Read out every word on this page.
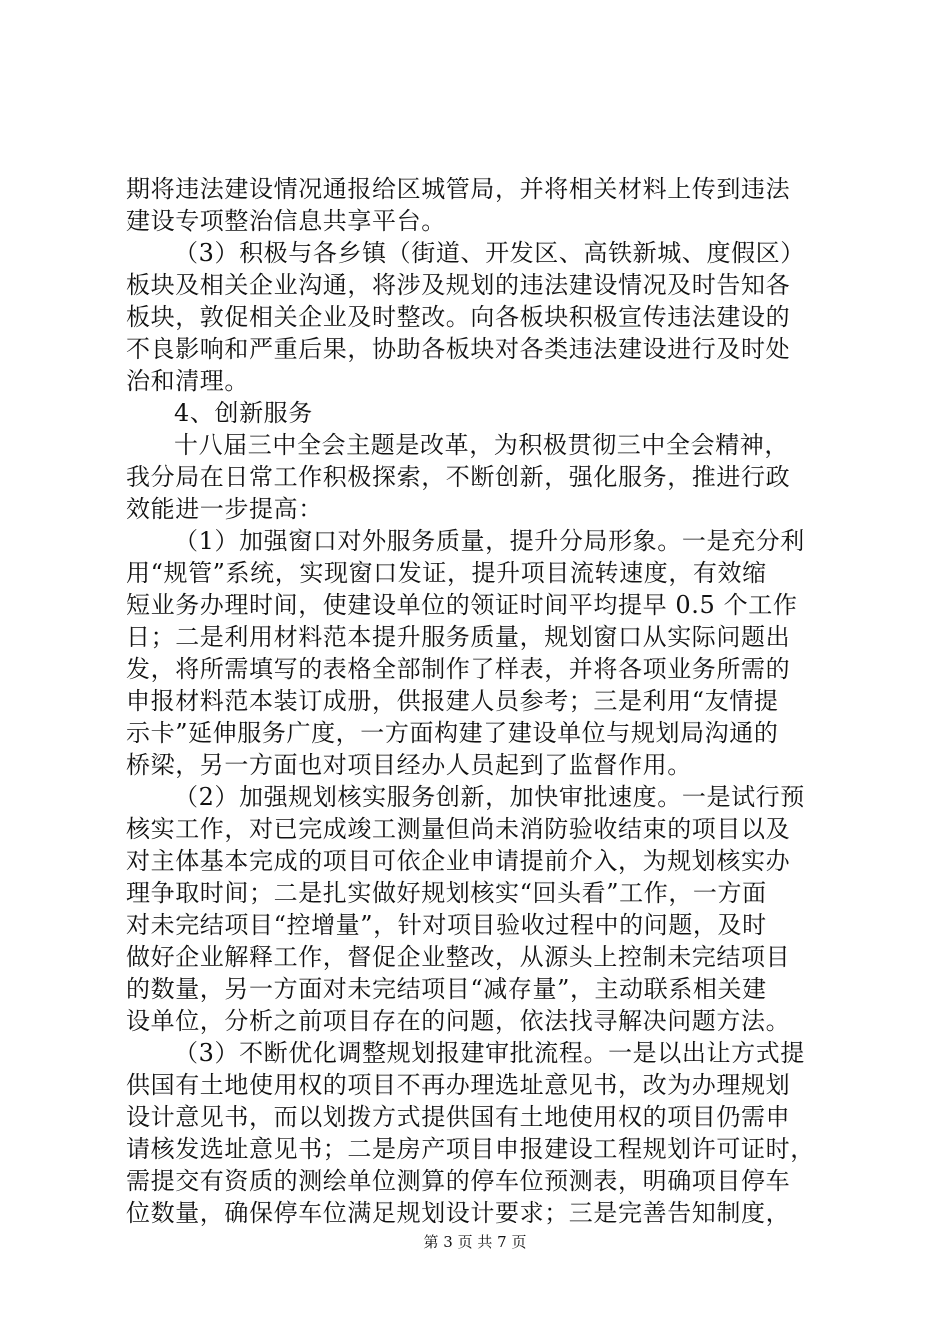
期将违法建设情况通报给区城管局，并将相关材料上传到违法
建设专项整治信息共享平台。
（3）积极与各乡镇（街道、开发区、高铁新城、度假区）
板块及相关企业沟通，将涉及规划的违法建设情况及时告知各
板块，敦促相关企业及时整改。向各板块积极宣传违法建设的
不良影响和严重后果，协助各板块对各类违法建设进行及时处
治和清理。
4、创新服务
十八届三中全会主题是改革，为积极贯彻三中全会精神，
我分局在日常工作积极探索，不断创新，强化服务，推进行政
效能进一步提高：
（1）加强窗口对外服务质量，提升分局形象。一是充分利
用“规管”系统，实现窗口发证，提升项目流转速度，有效缩
短业务办理时间，使建设单位的领证时间平均提早 0.5 个工作
日；二是利用材料范本提升服务质量，规划窗口从实际问题出
发，将所需填写的表格全部制作了样表，并将各项业务所需的
申报材料范本装订成册，供报建人员参考；三是利用“友情提
示卡”延伸服务广度，一方面构建了建设单位与规划局沟通的
桥梁，另一方面也对项目经办人员起到了监督作用。
（2）加强规划核实服务创新，加快审批速度。一是试行预
核实工作，对已完成竣工测量但尚未消防验收结束的项目以及
对主体基本完成的项目可依企业申请提前介入，为规划核实办
理争取时间；二是扎实做好规划核实“回头看”工作，一方面
对未完结项目“控增量”，针对项目验收过程中的问题，及时
做好企业解释工作，督促企业整改，从源头上控制未完结项目
的数量，另一方面对未完结项目“减存量”，主动联系相关建
设单位，分析之前项目存在的问题，依法找寻解决问题方法。
（3）不断优化调整规划报建审批流程。一是以出让方式提
供国有土地使用权的项目不再办理选址意见书，改为办理规划
设计意见书，而以划拨方式提供国有土地使用权的项目仍需申
请核发选址意见书；二是房产项目申报建设工程规划许可证时，
需提交有资质的测绘单位测算的停车位预测表，明确项目停车
位数量，确保停车位满足规划设计要求；三是完善告知制度，
第 3 页 共 7 页
